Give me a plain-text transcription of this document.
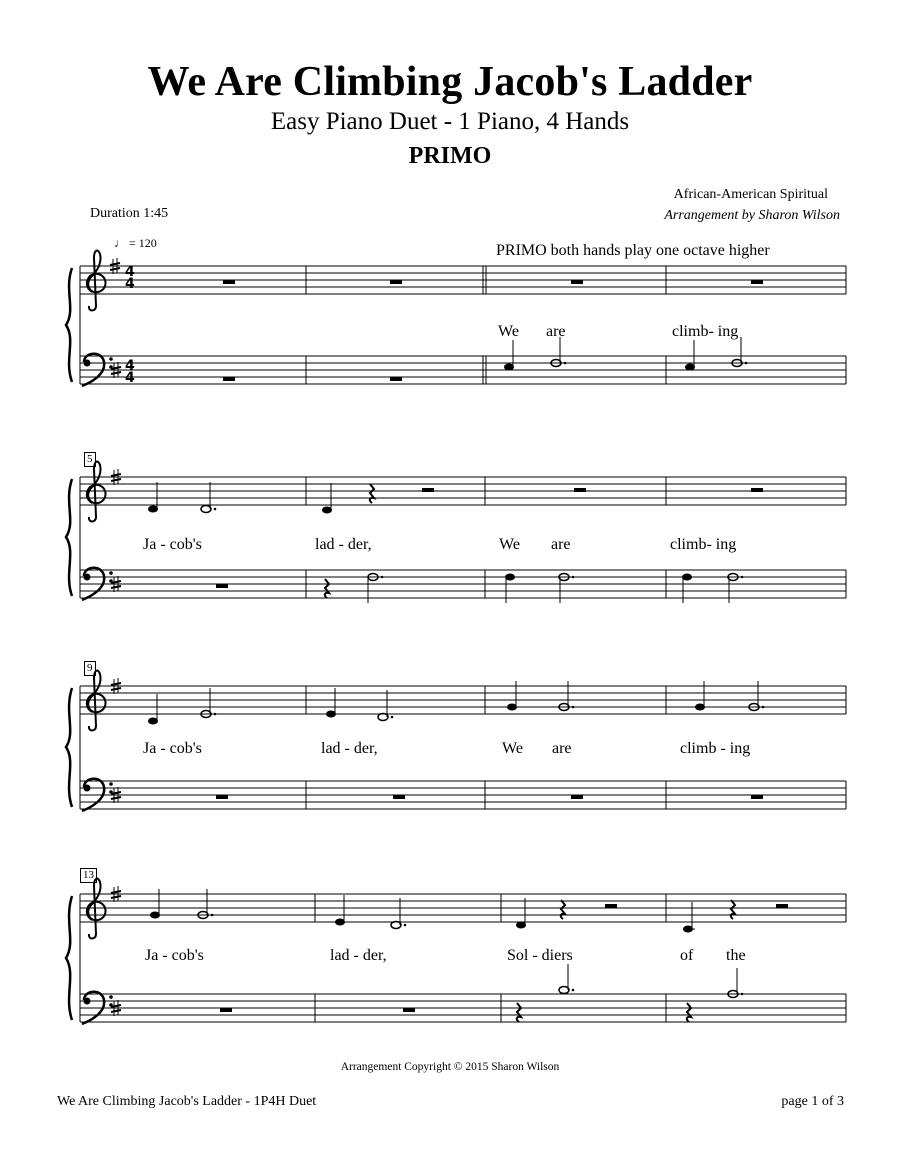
We Are Climbing Jacob's Ladder
Easy Piano Duet - 1 Piano, 4 Hands
PRIMO
African-American Spiritual
Arrangement by Sharon Wilson
Duration 1:45
♩ = 120	PRIMO both hands play one octave higher
Arrangement Copyright © 2015 Sharon Wilson
We Are Climbing Jacob's Ladder - 1P4H Duet	page 1 of 3
4
4
We are	climb- ing
5
Ja - cob's	lad - der,	We are	climb- ing
9
Ja - cob's	lad - der,	We are	climb - ing
13
Ja - cob's	lad - der,	Sol - diers	of the
